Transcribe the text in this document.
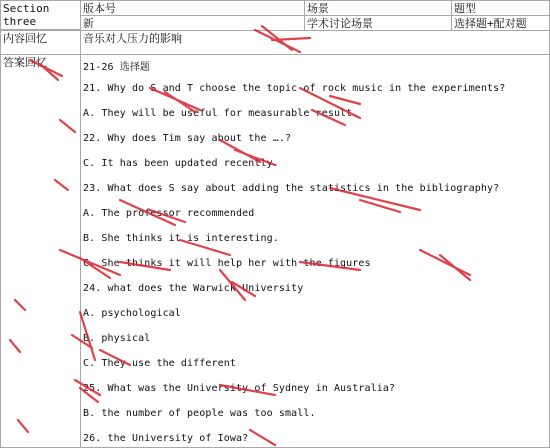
Section three
版本号	场景	题型
新	学术讨论场景	选择题+配对题
内容回忆	音乐对人压力的影响
答案回忆	21-26 选择题
21. Why do S and T choose the topic of rock music in the experiments?
A. They will be useful for measurable result.
22. Why does Tim say about the ….?
C. It has been updated recently.
23. What does S say about adding the statistics in the bibliography?
A. The professor recommended
B. She thinks it is interesting.
C. She thinks it will help her with the figures
24. what does the Warwick University
A. psychological
B. physical
C. They use the different
25. What was the University of Sydney in Australia?
B. the number of people was too small.
26. the University of Iowa?
